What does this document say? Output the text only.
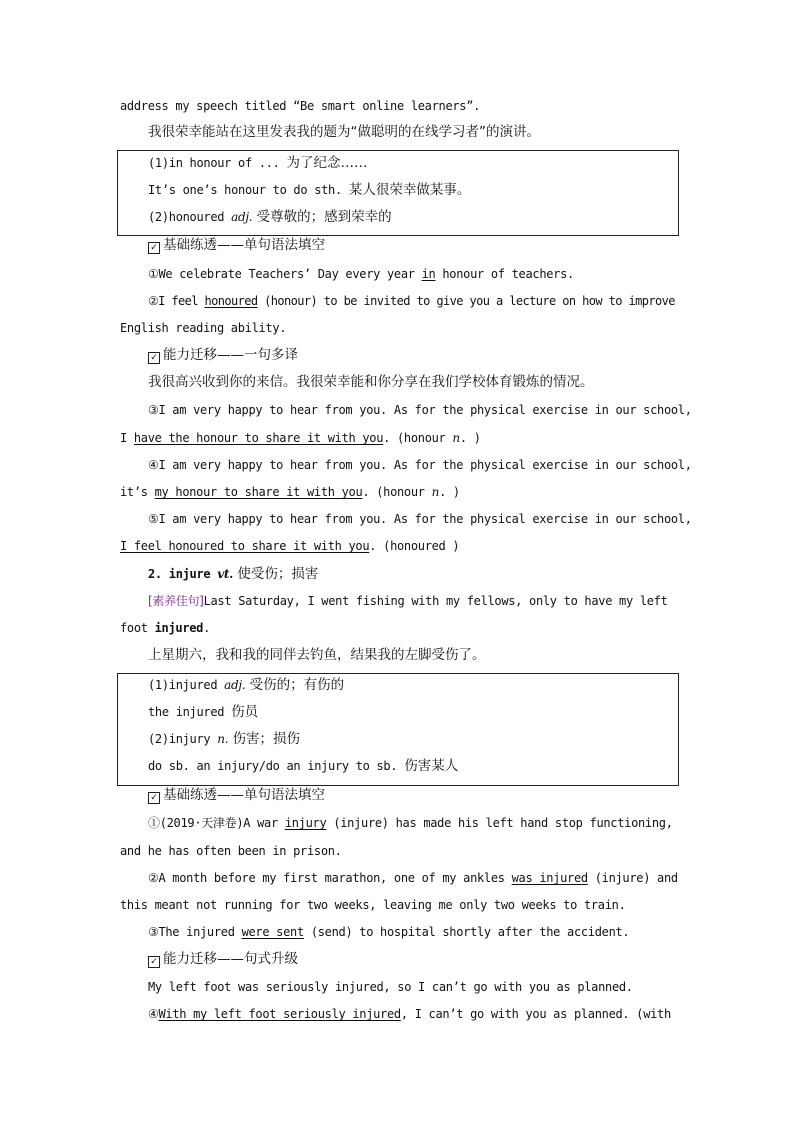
address my speech titled “Be smart online learners”.
我很荣幸能站在这里发表我的题为“做聪明的在线学习者”的演讲。
(1)in honour of ... 为了纪念……
It’s one’s honour to do sth. 某人很荣幸做某事。
(2)honoured adj. 受尊敬的；感到荣幸的
✓ 基础练透——单句语法填空
①We celebrate Teachers’ Day every year in honour of teachers.
②I feel honoured (honour) to be invited to give you a lecture on how to improve
English reading ability.
✓ 能力迁移——一句多译
我很高兴收到你的来信。我很荣幸能和你分享在我们学校体育锻炼的情况。
③I am very happy to hear from you. As for the physical exercise in our school,
I have the honour to share it with you. (honour n. )
④I am very happy to hear from you. As for the physical exercise in our school,
it’s my honour to share it with you. (honour n. )
⑤I am very happy to hear from you. As for the physical exercise in our school,
I feel honoured to share it with you. (honoured )
2. injure vt. 使受伤；损害
[素养佳句]Last Saturday, I went fishing with my fellows, only to have my left
foot injured.
上星期六，我和我的同伴去钓鱼，结果我的左脚受伤了。
(1)injured adj. 受伤的；有伤的
the injured 伤员
(2)injury n. 伤害；损伤
do sb. an injury/do an injury to sb. 伤害某人
✓ 基础练透——单句语法填空
①(2019·天津卷)A war injury (injure) has made his left hand stop functioning,
and he has often been in prison.
②A month before my first marathon, one of my ankles was injured (injure) and
this meant not running for two weeks, leaving me only two weeks to train.
③The injured were sent (send) to hospital shortly after the accident.
✓ 能力迁移——句式升级
My left foot was seriously injured, so I can’t go with you as planned.
④With my left foot seriously injured, I can’t go with you as planned. (with
